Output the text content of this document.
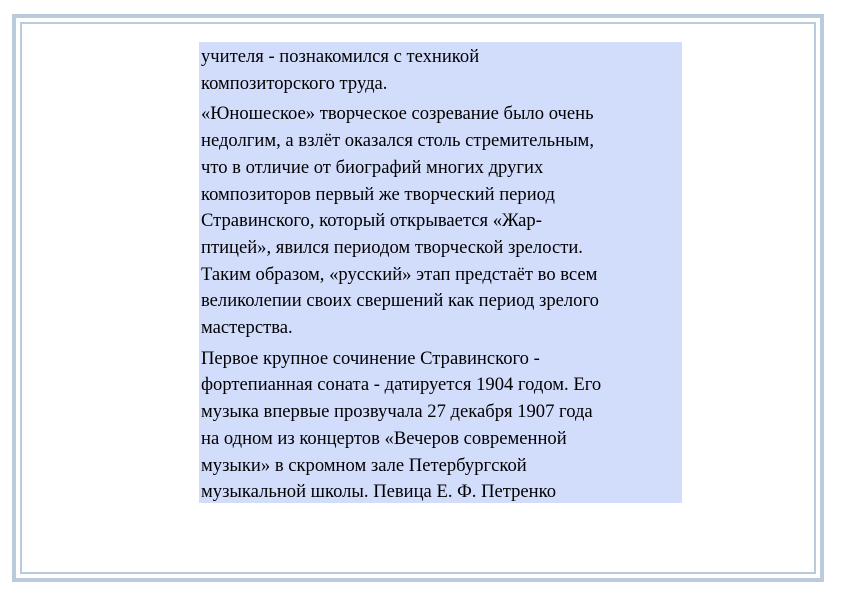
учителя - познакомился с техникой
композиторского труда.

«Юношеское» творческое созревание было очень
недолгим, а взлёт оказался столь стремительным,
что в отличие от биографий многих других
композиторов первый же творческий период
Стравинского, который открывается «Жар-
птицей», явился периодом творческой зрелости.
Таким образом, «русский» этап предстаёт во всем
великолепии своих свершений как период зрелого
мастерства.

Первое крупное сочинение Стравинского -
фортепианная соната - датируется 1904 годом. Его
музыка впервые прозвучала 27 декабря 1907 года
на одном из концертов «Вечеров современной
музыки» в скромном зале Петербургской
музыкальной школы. Певица Е. Ф. Петренко
